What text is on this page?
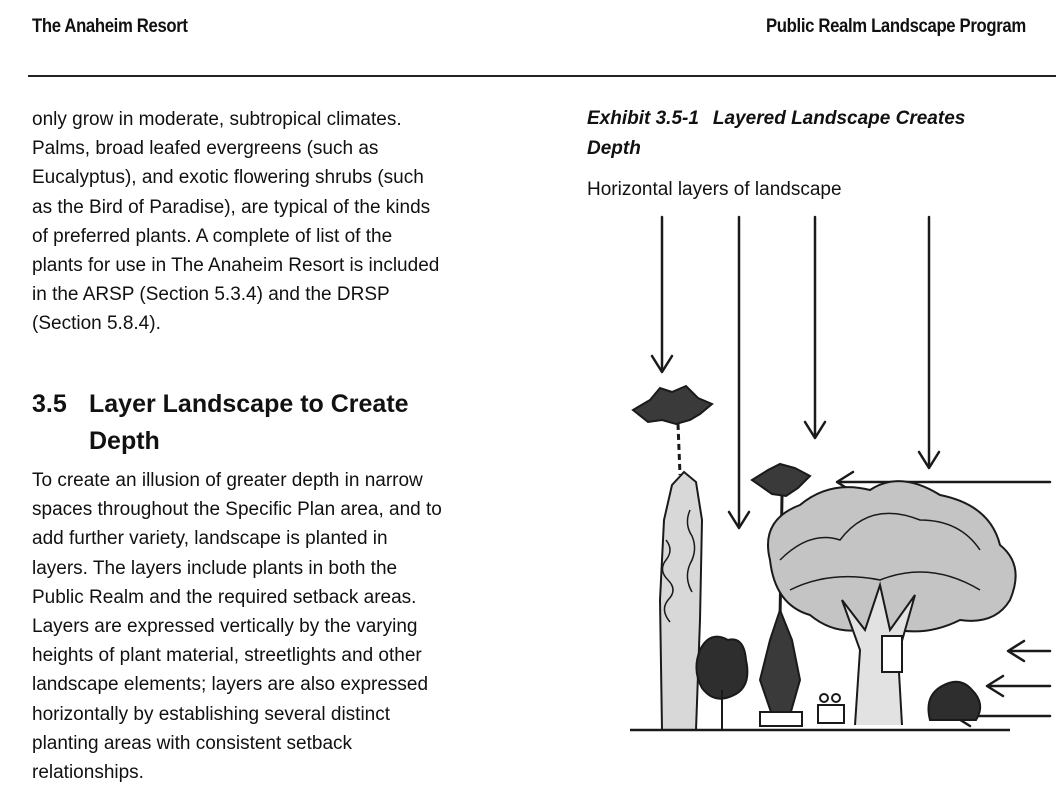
The Anaheim Resort	Public Realm Landscape Program
only grow in moderate, subtropical climates.
Palms, broad leafed evergreens (such as
Eucalyptus), and exotic flowering shrubs (such
as the Bird of Paradise), are typical of the kinds
of preferred plants. A complete of list of the
plants for use in The Anaheim Resort is included
in the ARSP (Section 5.3.4) and the DRSP
(Section 5.8.4).
3.5 Layer Landscape to Create
Depth
To create an illusion of greater depth in narrow
spaces throughout the Specific Plan area, and to
add further variety, landscape is planted in
layers. The layers include plants in both the
Public Realm and the required setback areas.
Layers are expressed vertically by the varying
heights of plant material, streetlights and other
landscape elements; layers are also expressed
horizontally by establishing several distinct
planting areas with consistent setback
relationships.
Exhibit 3.5-1 Layered Landscape Creates
Depth
Horizontal layers of landscape
